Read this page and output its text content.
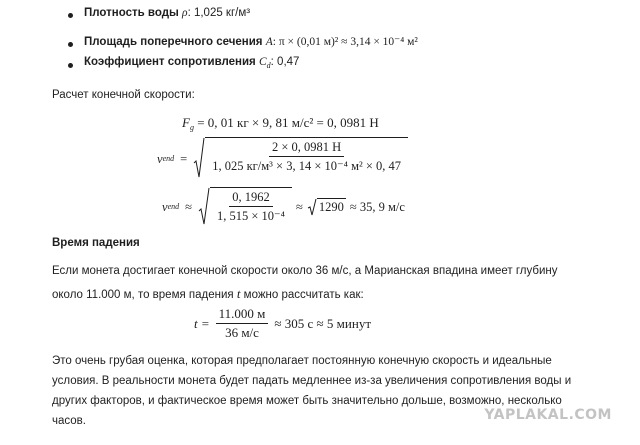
Плотность воды ρ: 1,025 кг/м³
Площадь поперечного сечения A: π × (0,01 м)² ≈ 3,14 × 10⁻⁴ м²
Коэффициент сопротивления $C_d$: 0,47
Расчет конечной скорости:
$F_g = 0$, 01 кг × 9, 81 м/с² = 0, 0981 Н
v end = $\frac{2 \times 0, 0981 Н}{\text{1, 025 кг/м³ × 3, 14 × 10⁻⁴ м² × 0, 47}}$
v end ≈ $\frac{0, 1962}{\text{1, 515 × 10⁻⁴}} \approx 1290 \approx 35$, 9 м/с
Время падения
Если монета достигает конечной скорости около 36 м/с, а Марианская впадина имеет глубину
около 11.000 м, то время падения t можно рассчитать как:
$t = \frac{11.000 м}{36 м/с} \approx 305$ с ≈ 5 минут
Это очень грубая оценка, которая предполагает постоянную конечную скорость и идеальные
условия. В реальности монета будет падать медленнее из-за увеличения сопротивления воды и
других факторов, и фактическое время может быть значительно дольше, возможно, несколько
часов.	YAPLAKAL.COM
